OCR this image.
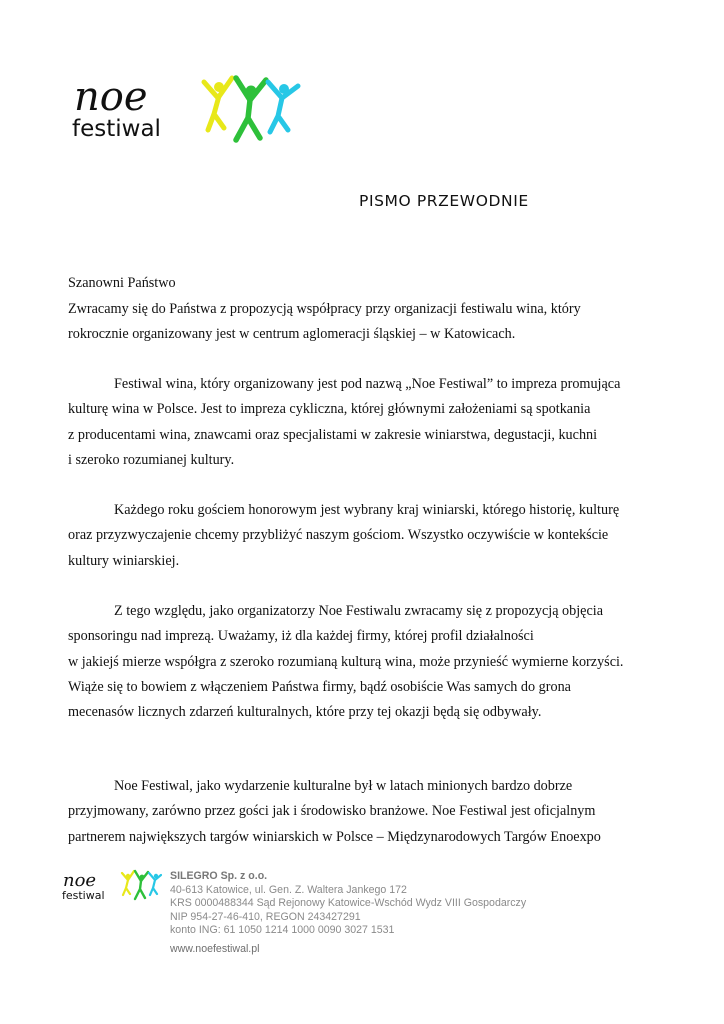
noe
festiwal
PISMO PRZEWODNIE
Szanowni Państwo
Zwracamy się do Państwa z propozycją współpracy przy organizacji festiwalu wina, który
rokrocznie organizowany jest w centrum aglomeracji śląskiej – w Katowicach.
Festiwal wina, który organizowany jest pod nazwą „Noe Festiwal” to impreza promująca
kulturę wina w Polsce. Jest to impreza cykliczna, której głównymi założeniami są spotkania
z producentami wina, znawcami oraz specjalistami w zakresie winiarstwa, degustacji, kuchni
i szeroko rozumianej kultury.
Każdego roku gościem honorowym jest wybrany kraj winiarski, którego historię, kulturę
oraz przyzwyczajenie chcemy przybliżyć naszym gościom. Wszystko oczywiście w kontekście
kultury winiarskiej.
Z tego względu, jako organizatorzy Noe Festiwalu zwracamy się z propozycją objęcia
sponsoringu nad imprezą. Uważamy, iż dla każdej firmy, której profil działalności
w jakiejś mierze współgra z szeroko rozumianą kulturą wina, może przynieść wymierne korzyści.
Wiąże się to bowiem z włączeniem Państwa firmy, bądź osobiście Was samych do grona
mecenasów licznych zdarzeń kulturalnych, które przy tej okazji będą się odbywały.
Noe Festiwal, jako wydarzenie kulturalne był w latach minionych bardzo dobrze
przyjmowany, zarówno przez gości jak i środowisko branżowe. Noe Festiwal jest oficjalnym
partnerem największych targów winiarskich w Polsce – Międzynarodowych Targów Enoexpo
noe
festiwal
SILEGRO Sp. z o.o.
40-613 Katowice, ul. Gen. Z. Waltera Jankego 172
KRS 0000488344 Sąd Rejonowy Katowice-Wschód Wydz VIII Gospodarczy
NIP 954-27-46-410, REGON 243427291
konto ING: 61 1050 1214 1000 0090 3027 1531
www.noefestiwal.pl
